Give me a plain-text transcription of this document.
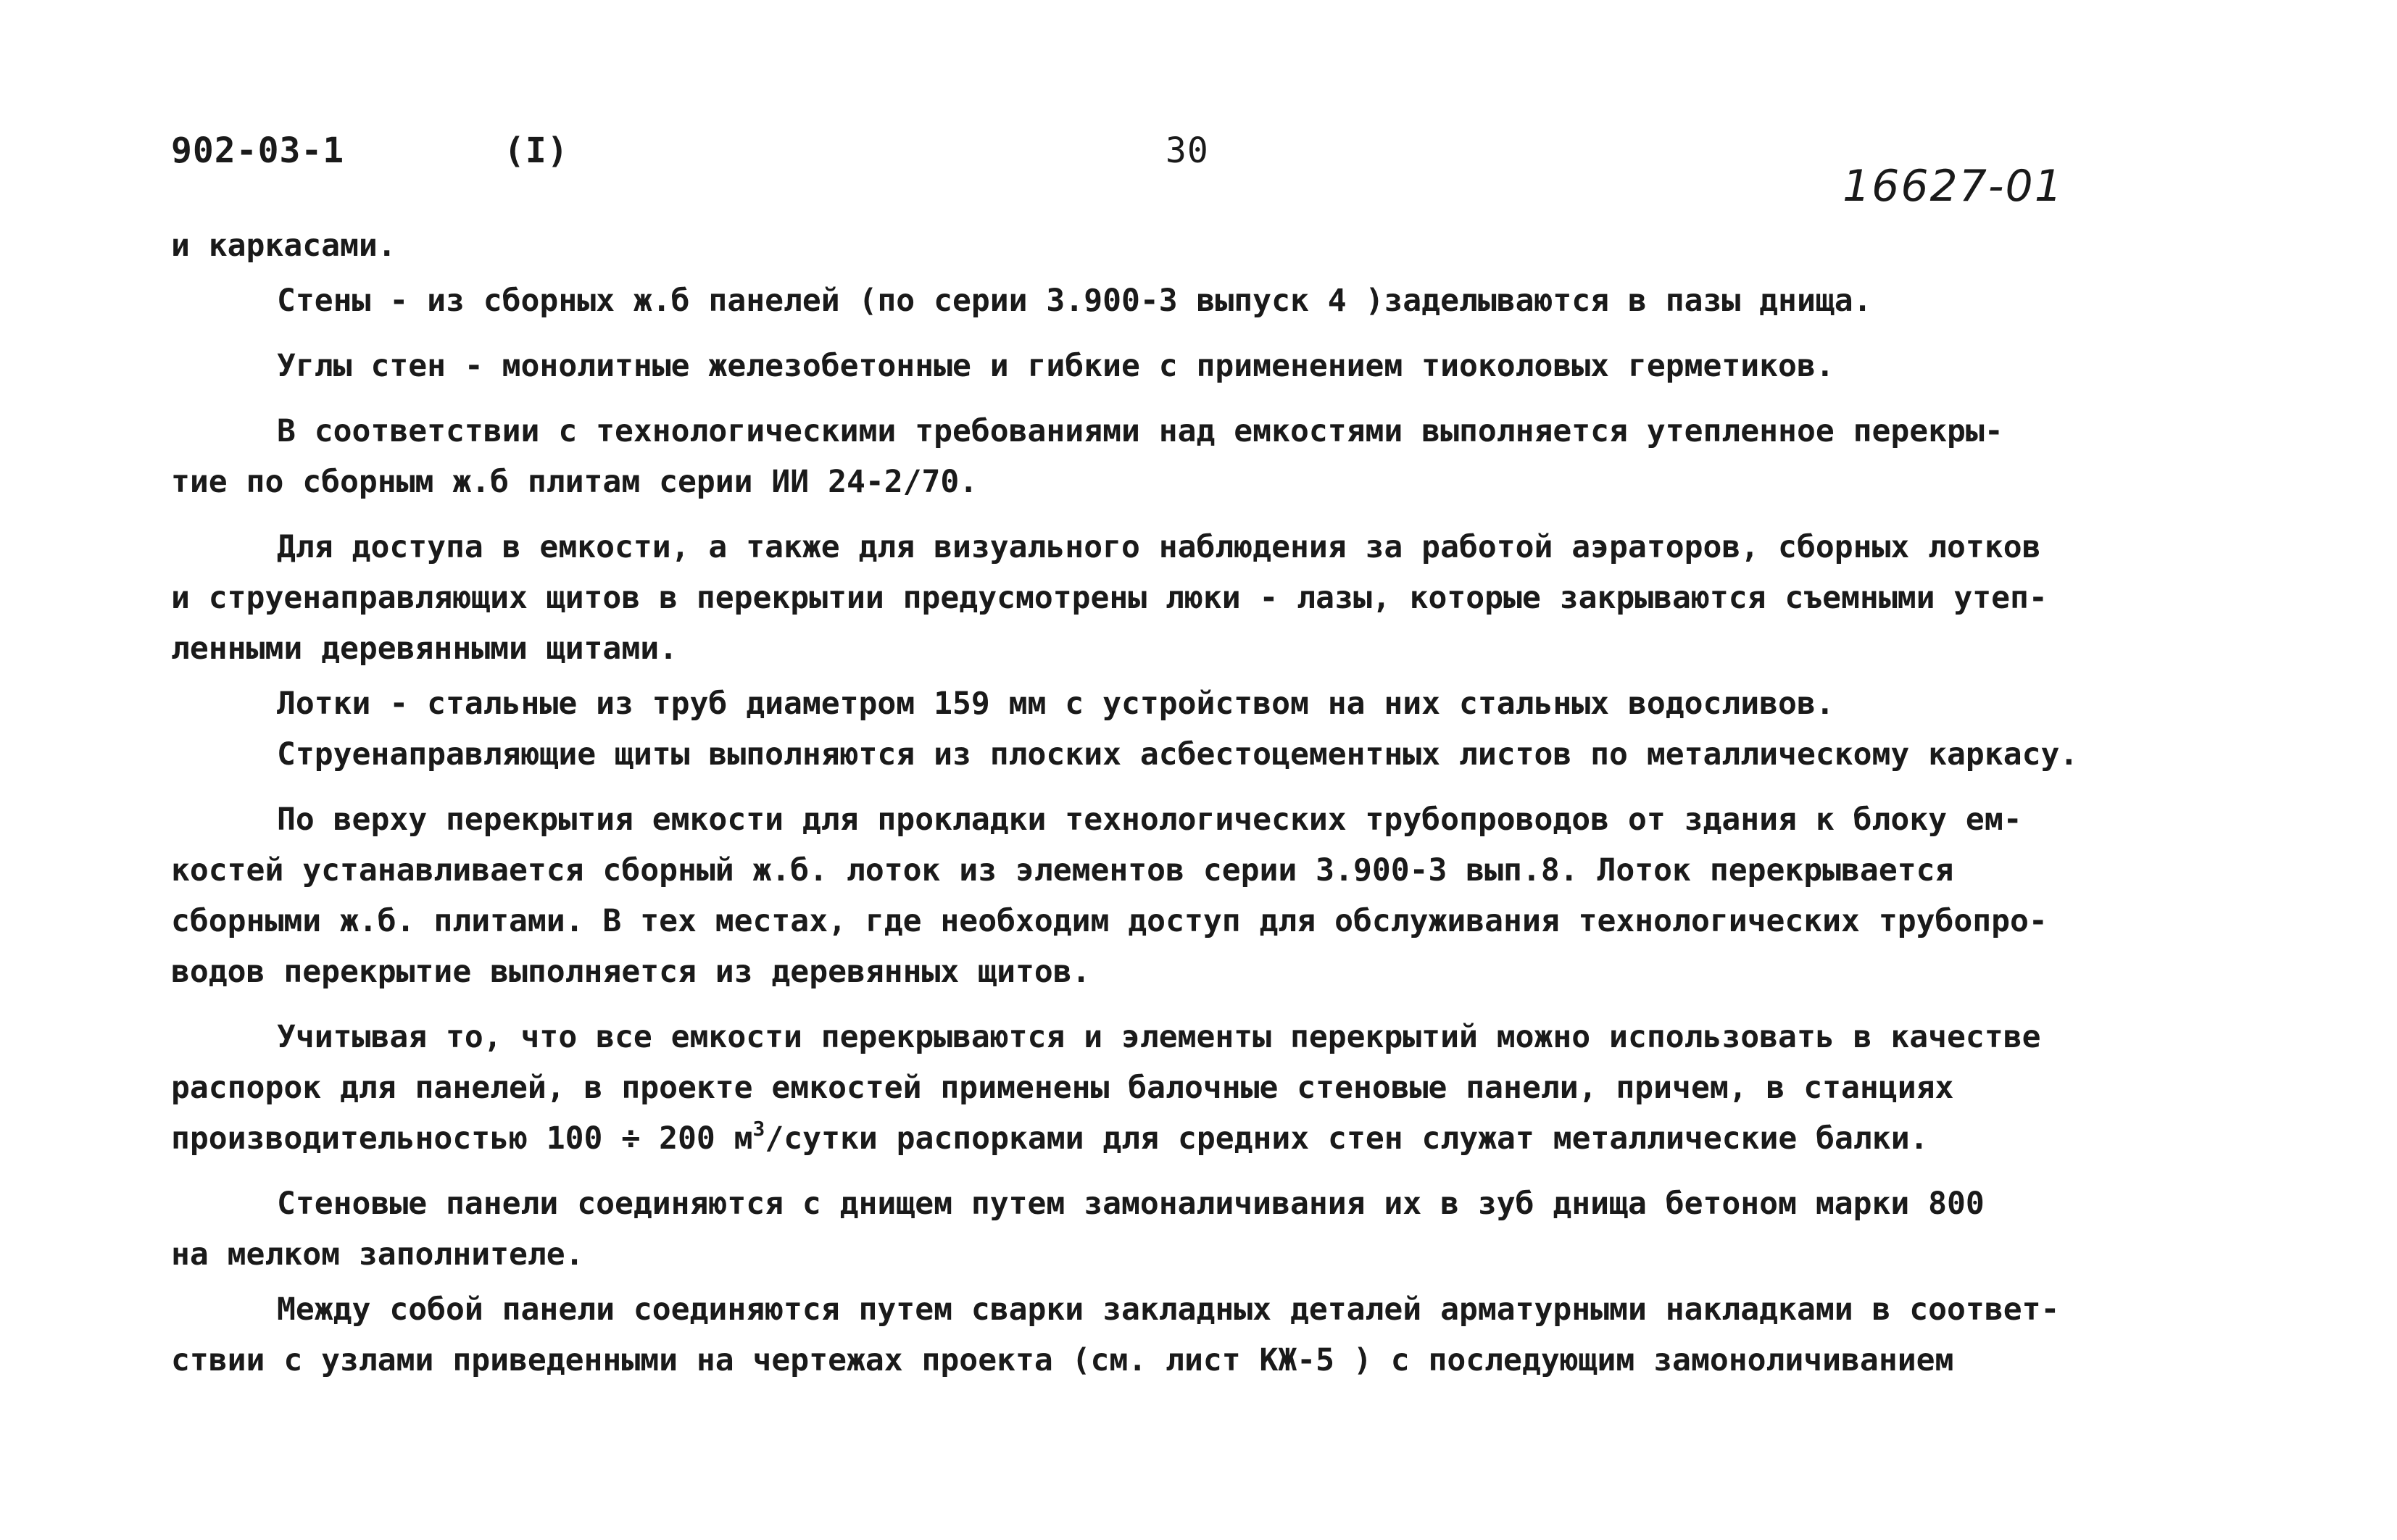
902-03-1	(I)	30
16627-01
и каркасами.
Стены - из сборных ж.б панелей (по серии 3.900-3 выпуск 4 )заделываются в пазы днища.
Углы стен - монолитные железобетонные и гибкие с применением тиоколовых герметиков.
В соответствии с технологическими требованиями над емкостями выполняется утепленное перекры-
тие по сборным ж.б плитам серии ИИ 24-2/70.
Для доступа в емкости, а также для визуального наблюдения за работой аэраторов, сборных лотков
и струенаправляющих щитов в перекрытии предусмотрены люки - лазы, которые закрываются съемными утеп-
ленными деревянными щитами.
Лотки - стальные из труб диаметром 159 мм с устройством на них стальных водосливов.
Струенаправляющие щиты выполняются из плоских асбестоцементных листов по металлическому каркасу.
По верху перекрытия емкости для прокладки технологических трубопроводов от здания к блоку ем-
костей устанавливается сборный ж.б. лоток из элементов серии 3.900-3 вып.8. Лоток перекрывается
сборными ж.б. плитами. В тех местах, где необходим доступ для обслуживания технологических трубопро-
водов перекрытие выполняется из деревянных щитов.
Учитывая то, что все емкости перекрываются и элементы перекрытий можно использовать в качестве
распорок для панелей, в проекте емкостей применены балочные стеновые панели, причем, в станциях
производительностью 100 ÷ 200 $м^3$/сутки распорками для средних стен служат металлические балки.
Стеновые панели соединяются с днищем путем замоналичивания их в зуб днища бетоном марки 800
на мелком заполнителе.
Между собой панели соединяются путем сварки закладных деталей арматурными накладками в соответ-
ствии с узлами приведенными на чертежах проекта (см. лист КЖ-5 ) с последующим замоноличиванием
